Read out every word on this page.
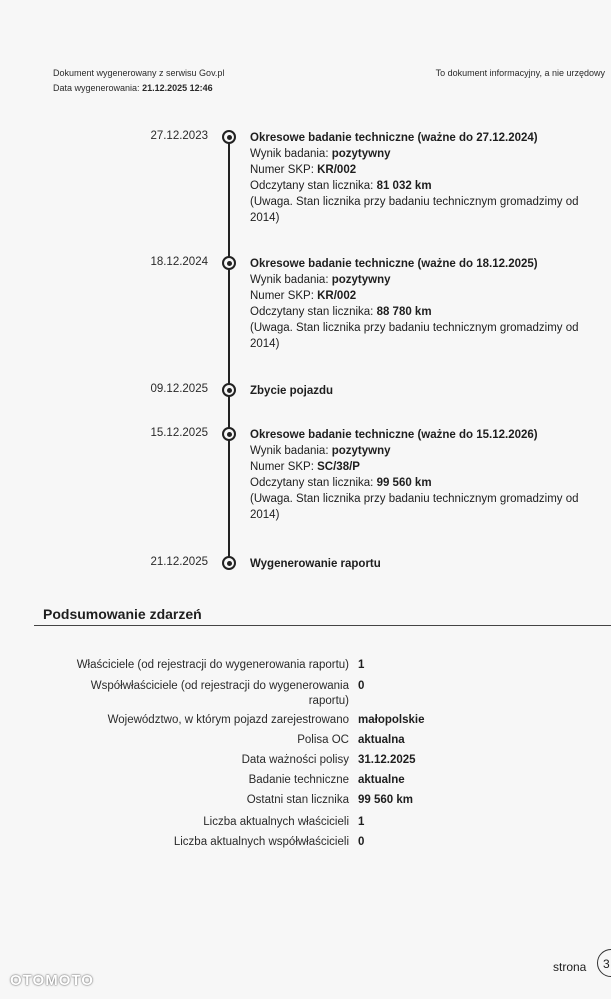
Dokument wygenerowany z serwisu Gov.pl
Data wygenerowania: 21.12.2025 12:46
To dokument informacyjny, a nie urzędowy
27.12.2023	Okresowe badanie techniczne (ważne do 27.12.2024)
Wynik badania: pozytywny
Numer SKP: KR/002
Odczytany stan licznika: 81 032 km
(Uwaga. Stan licznika przy badaniu technicznym gromadzimy od
2014)
18.12.2024	Okresowe badanie techniczne (ważne do 18.12.2025)
Wynik badania: pozytywny
Numer SKP: KR/002
Odczytany stan licznika: 88 780 km
(Uwaga. Stan licznika przy badaniu technicznym gromadzimy od
2014)
09.12.2025	Zbycie pojazdu
15.12.2025	Okresowe badanie techniczne (ważne do 15.12.2026)
Wynik badania: pozytywny
Numer SKP: SC/38/P
Odczytany stan licznika: 99 560 km
(Uwaga. Stan licznika przy badaniu technicznym gromadzimy od
2014)
21.12.2025	Wygenerowanie raportu
Podsumowanie zdarzeń
Właściciele (od rejestracji do wygenerowania raportu) 1
Współwłaściciele (od rejestracji do wygenerowania
raportu)
0
Województwo, w którym pojazd zarejestrowano małopolskie
Polisa OC aktualna
Data ważności polisy 31.12.2025
Badanie techniczne aktualne
Ostatni stan licznika 99 560 km
Liczba aktualnych właścicieli 1
Liczba aktualnych współwłaścicieli 0
OTOMOTO
strona	3
